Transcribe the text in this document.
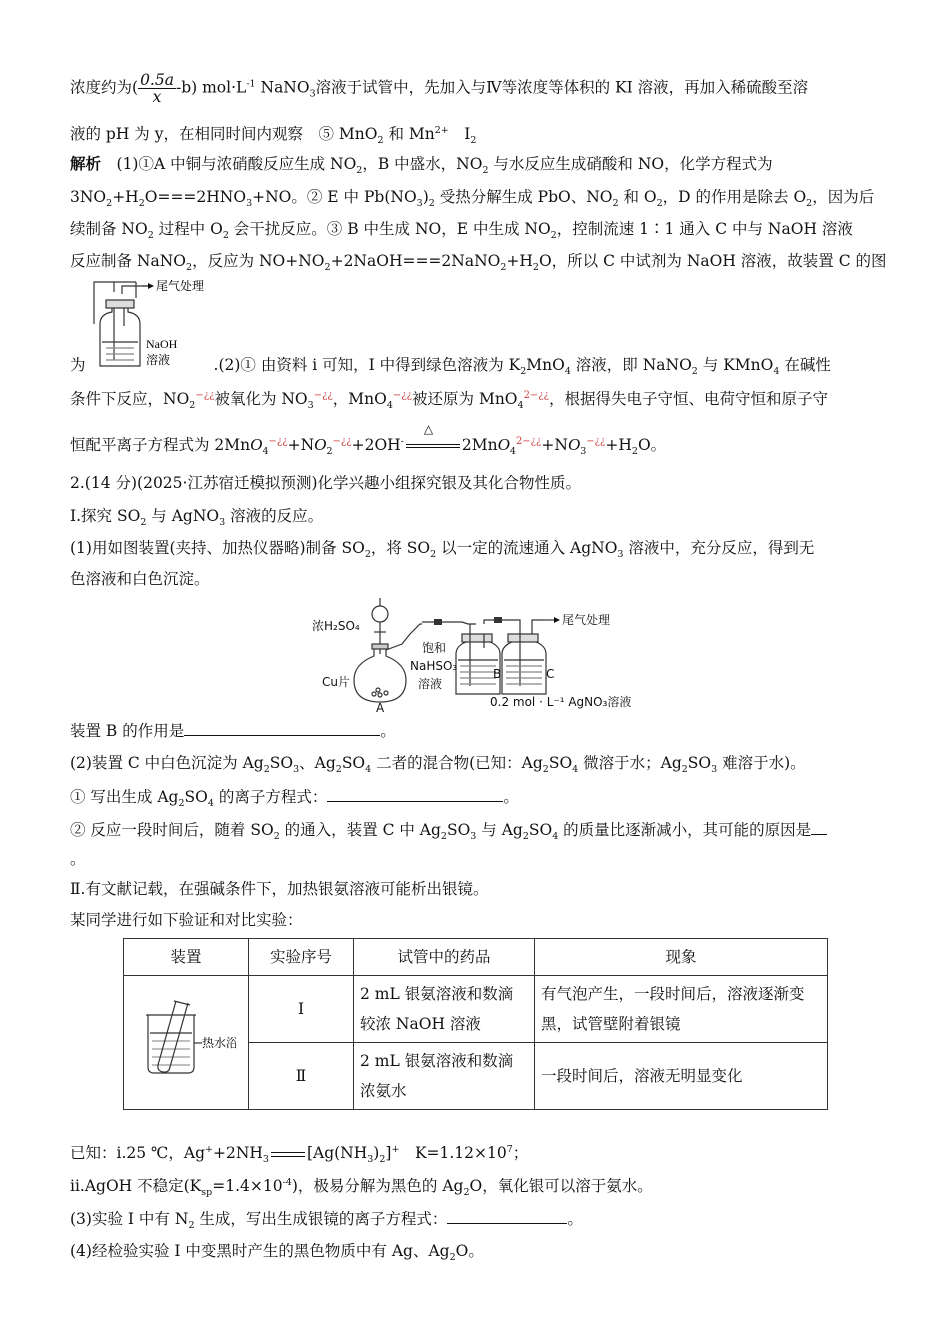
浓度约为( $\frac{0.5a}{x} -b$) $mol\cdot L^{-1}$ NaNO$_3$溶液于试管中，先加入与Ⅳ等浓度等体积的 KI 溶液，再加入稀硫酸至溶
液的 pH 为 y，在相同时间内观察　⑤ MnO$_2$ 和 $Mn^{2+}$　$I_2$
解析　(1)①A 中铜与浓硝酸反应生成 $NO_2$，B 中盛水，$NO_2$ 与水反应生成硝酸和 NO，化学方程式为
$3NO_2+H_2O===2HNO_3+NO$。② E 中 $Pb(NO_3)_2$ 受热分解生成 PbO、$NO_2$ 和 $O_2$，D 的作用是除去 $O_2$，因为后
续制备 $NO_2$ 过程中 $O_2$ 会干扰反应。③ B 中生成 NO，E 中生成 $NO_2$，控制流速 1∶1 通入 C 中与 NaOH 溶液
反应制备 NaNO$_2$，反应为 $NO+NO_2+2NaOH===2NaNO_2+H_2O$，所以 C 中试剂为 NaOH 溶液，故装置 C 的图
尾气处理
NaOH
溶液
为	.(2)① 由资料 ⅰ 可知，Ⅰ 中得到绿色溶液为 $K_2MnO_4$ 溶液，即 NaNO$_2$ 与 KMnO$_4$ 在碱性
条件下反应，$NO_2^{-¿¿}$被氧化为 $NO_3^{-¿¿}$，MnO$_4$−¿¿被还原为 MnO$_4^{2-¿¿}$，根据得失电子守恒、电荷守恒和原子守
恒配平离子方程式为 $2MnO_4^{-¿¿}+NO_2^{-¿¿}+2OH^-$
△
$2MnO_4^{2-¿¿}+NO_3^{-¿¿}+H_2O$。
2.(14 分)(2025·江苏宿迁模拟预测)化学兴趣小组探究银及其化合物性质。
Ⅰ.探究 $SO_2$ 与 AgNO$_3$ 溶液的反应。
(1)用如图装置(夹持、加热仪器略)制备 $SO_2$，将 $SO_2$ 以一定的流速通入 AgNO$_3$ 溶液中，充分反应，得到无
色溶液和白色沉淀。
浓H₂SO₄
Cu片
A
饱和
NaHSO₃
溶液
B	C
尾气处理
0.2 mol · L⁻¹ AgNO₃溶液
装置 B 的作用是	。
(2)装置 C 中白色沉淀为 $Ag_2SO_3$、$Ag_2SO_4$ 二者的混合物(已知：$Ag_2SO_4$ 微溶于水；$Ag_2SO_3$ 难溶于水)。
① 写出生成 $Ag_2SO_4$ 的离子方程式：	。
② 反应一段时间后，随着 $SO_2$ 的通入，装置 C 中 $Ag_2SO_3$ 与 $Ag_2SO_4$ 的质量比逐渐减小，其可能的原因是
。
Ⅱ.有文献记载，在强碱条件下，加热银氨溶液可能析出银镜。
某同学进行如下验证和对比实验：
装置	实验序号	试管中的药品	现象

热水浴	Ⅰ	2 mL 银氨溶液和数滴较浓 NaOH 溶液	有气泡产生，一段时间后，溶液逐渐变黑，试管壁附着银镜
	Ⅱ	2 mL 银氨溶液和数滴浓氨水	一段时间后，溶液无明显变化
已知：ⅰ.25 ℃，$Ag^++2NH_3$ $[Ag(NH_3)_2]^+$　$K=1.12\times 10^7$；
ⅱ.AgOH 不稳定$(K_{sp}=1.4\times 10^{-4})$，极易分解为黑色的 $Ag_2O$，氧化银可以溶于氨水。
(3)实验 Ⅰ 中有 $N_2$ 生成，写出生成银镜的离子方程式：	。
(4)经检验实验 Ⅰ 中变黑时产生的黑色物质中有 Ag、$Ag_2O$。
